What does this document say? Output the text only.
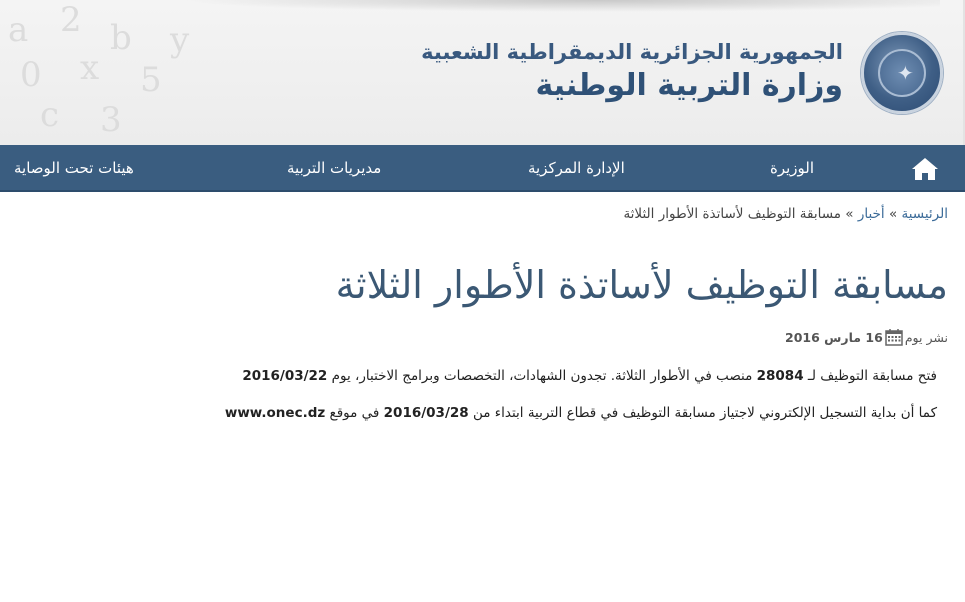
a 2 b
0 x 5
c 3
y
✦
الجمهورية الجزائرية الديمقراطية الشعبية
وزارة التربية الوطنية
الوزيرة
الإدارة المركزية
مديريات التربية
هيئات تحت الوصاية
الرئيسية » أخبار » مسابقة التوظيف لأساتذة الأطوار الثلاثة
مسابقة التوظيف لأساتذة الأطوار الثلاثة
نشر يوم
16 مارس 2016

فتح مسابقة التوظيف لـ 28084 منصب في الأطوار الثلاثة. تجدون الشهادات، التخصصات وبرامج الاختبار، يوم 2016/03/22

كما أن بداية التسجيل الإلكتروني لاجتياز مسابقة التوظيف في قطاع التربية ابتداء من 2016/03/28 في موقع www.onec.dz
